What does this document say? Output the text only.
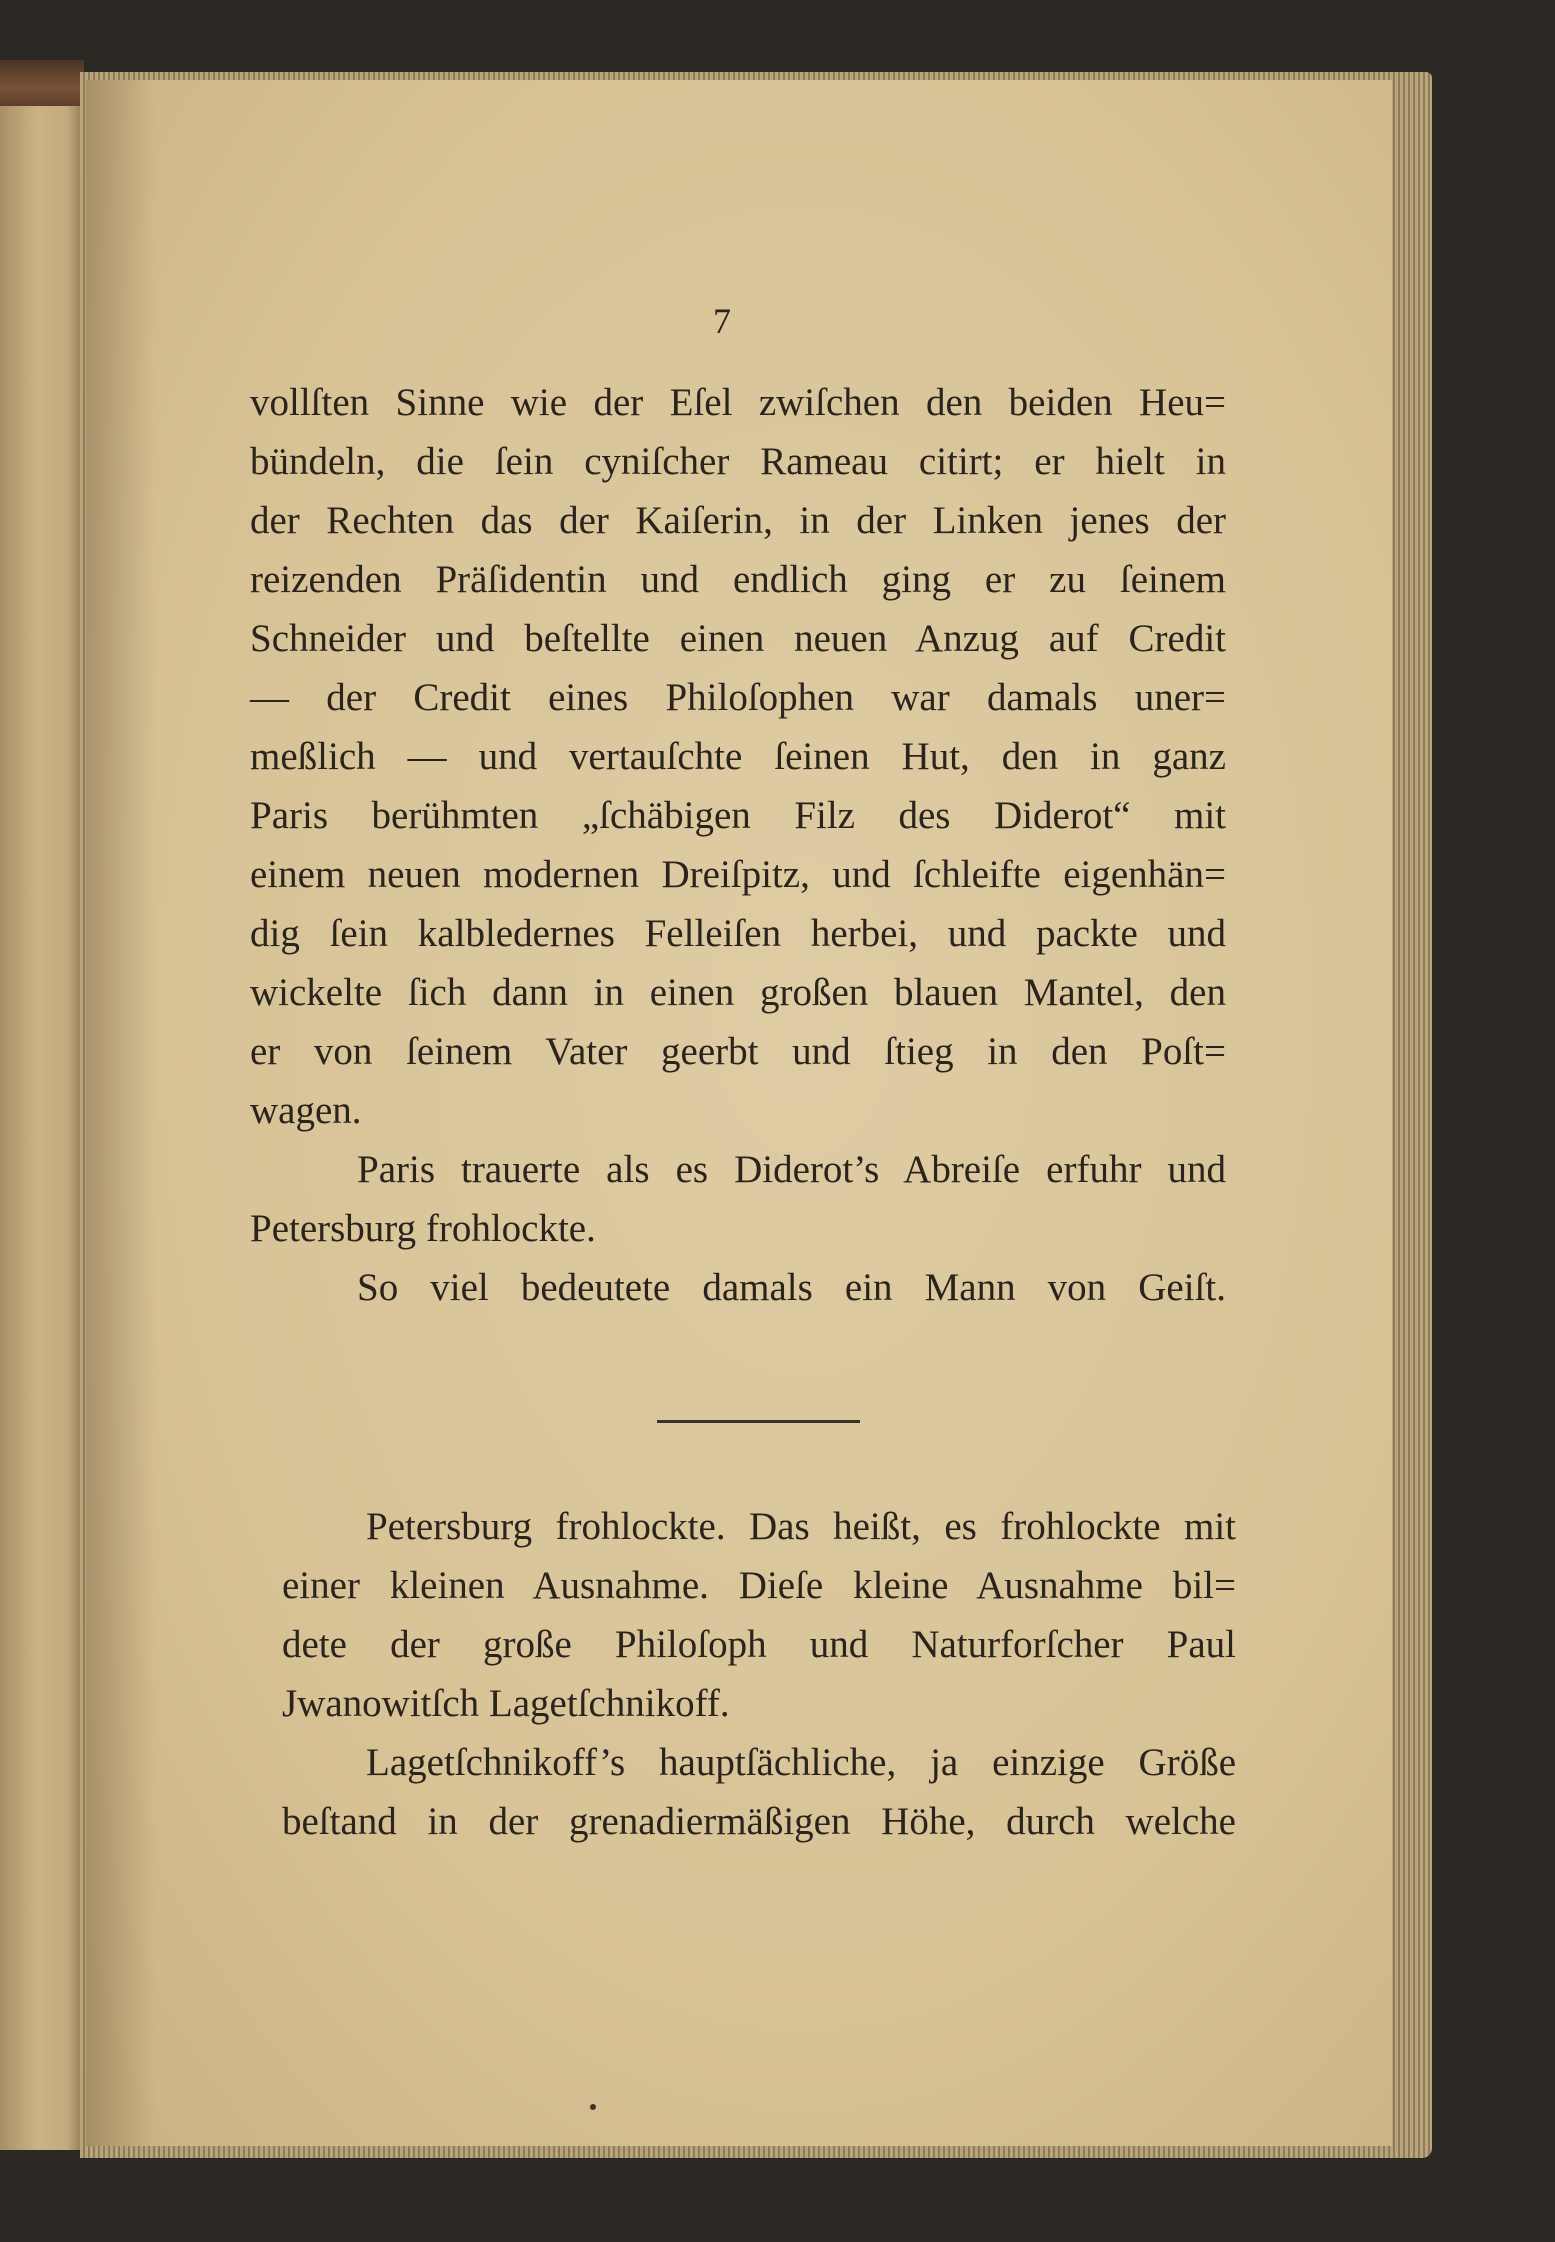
7
vollſten Sinne wie der Eſel zwiſchen den beiden Heu=
bündeln, die ſein cyniſcher Rameau citirt; er hielt in
der Rechten das der Kaiſerin, in der Linken jenes der
reizenden Präſidentin und endlich ging er zu ſeinem
Schneider und beſtellte einen neuen Anzug auf Credit
— der Credit eines Philoſophen war damals uner=
meßlich — und vertauſchte ſeinen Hut, den in ganz
Paris berühmten „ſchäbigen Filz des Diderot“ mit
einem neuen modernen Dreiſpitz, und ſchleifte eigenhän=
dig ſein kalbledernes Felleiſen herbei, und packte und
wickelte ſich dann in einen großen blauen Mantel, den
er von ſeinem Vater geerbt und ſtieg in den Poſt=
wagen.
Paris trauerte als es Diderot’s Abreiſe erfuhr und
Petersburg frohlockte.
So viel bedeutete damals ein Mann von Geiſt.
Petersburg frohlockte. Das heißt, es frohlockte mit
einer kleinen Ausnahme. Dieſe kleine Ausnahme bil=
dete der große Philoſoph und Naturforſcher Paul
Jwanowitſch Lagetſchnikoff.
Lagetſchnikoff’s hauptſächliche, ja einzige Größe
beſtand in der grenadiermäßigen Höhe, durch welche
